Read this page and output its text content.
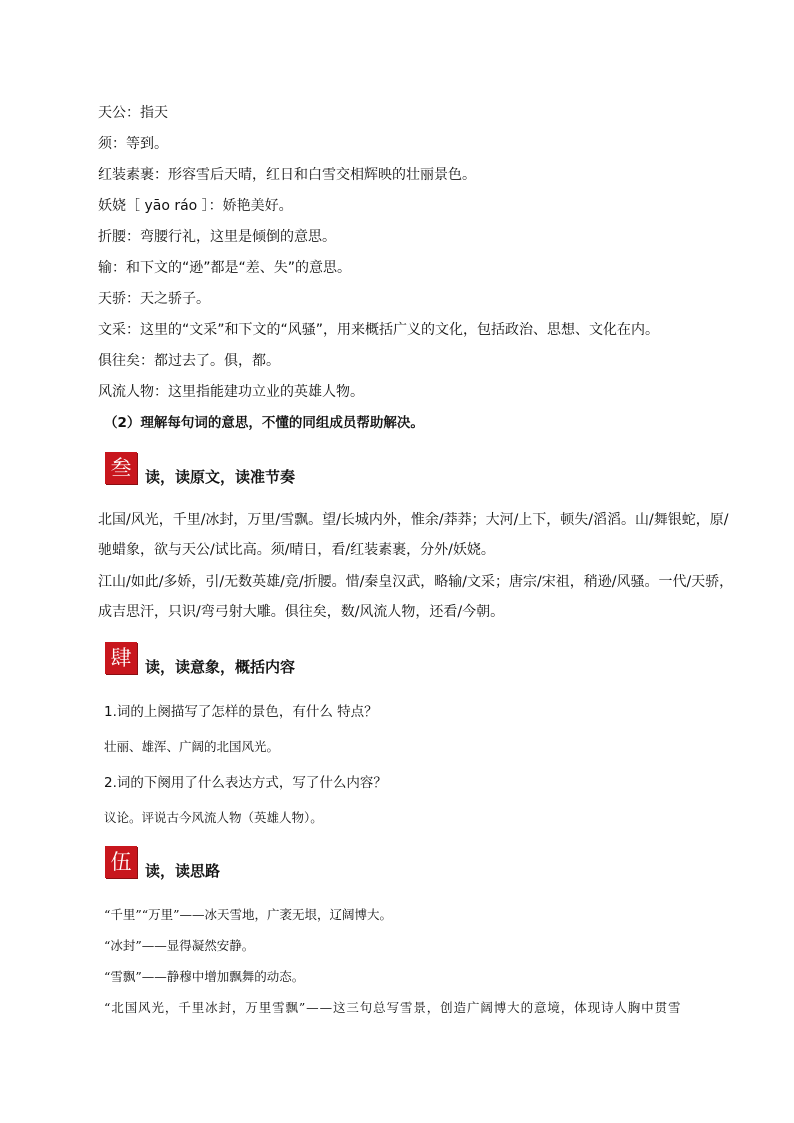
天公：指天
须：等到。
红装素裹：形容雪后天晴，红日和白雪交相辉映的壮丽景色。
妖娆［ yāo ráo ］：娇艳美好。
折腰：弯腰行礼，这里是倾倒的意思。
输：和下文的“逊”都是“差、失”的意思。
天骄：天之骄子。
文采：这里的“文采”和下文的“风骚”，用来概括广义的文化，包括政治、思想、文化在内。
俱往矣：都过去了。俱，都。
风流人物：这里指能建功立业的英雄人物。
（2）理解每句词的意思，不懂的同组成员帮助解决。
叁 读，读原文，读准节奏
北国/风光，千里/冰封，万里/雪飘。望/长城内外，惟余/莽莽；大河/上下，顿失/滔滔。山/舞银蛇，原/驰蜡象，欲与天公/试比高。须/晴日，看/红装素裹，分外/妖娆。
江山/如此/多娇，引/无数英雄/竞/折腰。惜/秦皇汉武，略输/文采；唐宗/宋祖，稍逊/风骚。一代/天骄，成吉思汗，只识/弯弓射大雕。俱往矣，数/风流人物，还看/今朝。
肆 读，读意象，概括内容
1.词的上阕描写了怎样的景色，有什么 特点？
壮丽、雄浑、广阔的北国风光。
2.词的下阕用了什么表达方式，写了什么内容？
议论。评说古今风流人物（英雄人物）。
伍 读，读思路
“千里”“万里”——冰天雪地，广袤无垠，辽阔博大。
“冰封”——显得凝然安静。
“雪飘”——静穆中增加飘舞的动态。
“北国风光，千里冰封，万里雪飘”——这三句总写雪景，创造广阔博大的意境，体现诗人胸中贯雪
